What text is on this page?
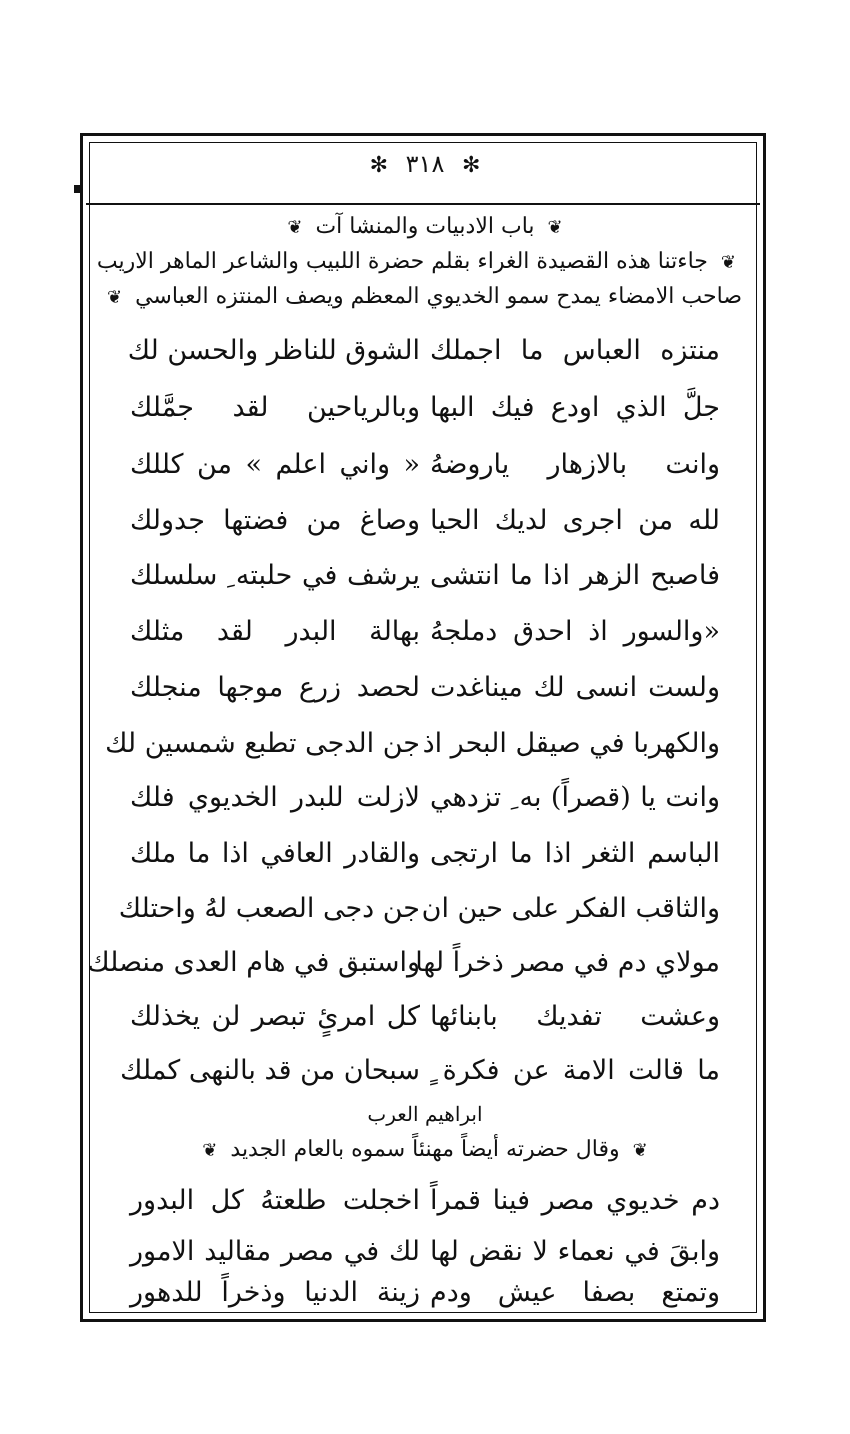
✻ ٣١٨ ✻
❦ باب الادبيات والمنشا آت ❦
❦ جاءتنا هذه القصيدة الغراء بقلم حضرة اللبيب والشاعر الماهر الاريب
صاحب الامضاء يمدح سمو الخديوي المعظم ويصف المنتزه العباسي ❦
منتزه العباس ما اجملك
الشوق للناظر والحسن لك
جلَّ الذي اودع فيك البها
وبالرياحين لقد جمَّلك
وانت بالازهار ياروضهُ
« واني اعلم » من كللك
لله من اجرى لديك الحيا
وصاغ من فضتها جدولك
فاصبح الزهر اذا ما انتشى
يرشف في حلبته ِ سلسلك
«والسور اذ احدق دملجهُ
بهالة البدر لقد مثلك
ولست انسى لك ميناغدت
لحصد زرع موجها منجلك
والكهربا في صيقل البحر اذ
جن الدجى تطبع شمسين لك
وانت يا (قصراً) به ِ تزدهي
لازلت للبدر الخديوي فلك
الباسم الثغر اذا ما ارتجى
والقادر العافي اذا ما ملك
والثاقب الفكر على حين ان
جن دجى الصعب لهُ واحتلك
مولاي دم في مصر ذخراً لها
واستبق في هام العدى منصلك
وعشت تفديك بابنائها
كل امرئٍ تبصر لن يخذلك
ما قالت الامة عن فكرة ٍ
سبحان من قد بالنهى كملك
ابراهيم العرب
❦ وقال حضرته أيضاً مهنئاً سموه بالعام الجديد ❦
دم خديوي مصر فينا قمراً
اخجلت طلعتهُ كل البدور
وابقَ في نعماء لا نقض لها
لك في مصر مقاليد الامور
وتمتع بصفا عيش ودم
زينة الدنيا وذخراً للدهور
